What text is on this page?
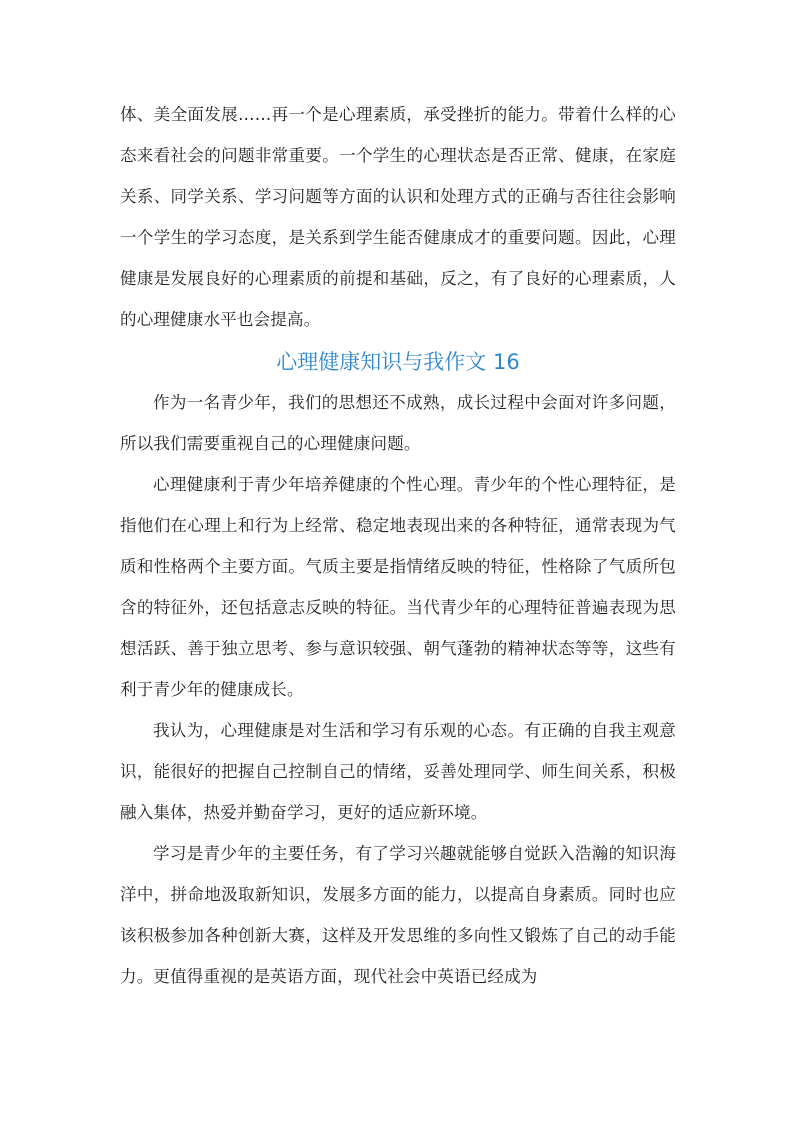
体、美全面发展……再一个是心理素质，承受挫折的能力。带着什么样的心态来看社会的问题非常重要。一个学生的心理状态是否正常、健康，在家庭关系、同学关系、学习问题等方面的认识和处理方式的正确与否往往会影响一个学生的学习态度，是关系到学生能否健康成才的重要问题。因此，心理健康是发展良好的心理素质的前提和基础，反之，有了良好的心理素质，人的心理健康水平也会提高。

心理健康知识与我作文 16

作为一名青少年，我们的思想还不成熟，成长过程中会面对许多问题，所以我们需要重视自己的心理健康问题。

心理健康利于青少年培养健康的个性心理。青少年的个性心理特征，是指他们在心理上和行为上经常、稳定地表现出来的各种特征，通常表现为气质和性格两个主要方面。气质主要是指情绪反映的特征，性格除了气质所包含的特征外，还包括意志反映的特征。当代青少年的心理特征普遍表现为思想活跃、善于独立思考、参与意识较强、朝气蓬勃的精神状态等等，这些有利于青少年的健康成长。

我认为，心理健康是对生活和学习有乐观的心态。有正确的自我主观意识，能很好的把握自己控制自己的情绪，妥善处理同学、师生间关系，积极融入集体，热爱并勤奋学习，更好的适应新环境。

学习是青少年的主要任务，有了学习兴趣就能够自觉跃入浩瀚的知识海洋中，拼命地汲取新知识，发展多方面的能力，以提高自身素质。同时也应该积极参加各种创新大赛，这样及开发思维的多向性又锻炼了自己的动手能力。更值得重视的是英语方面，现代社会中英语已经成为
